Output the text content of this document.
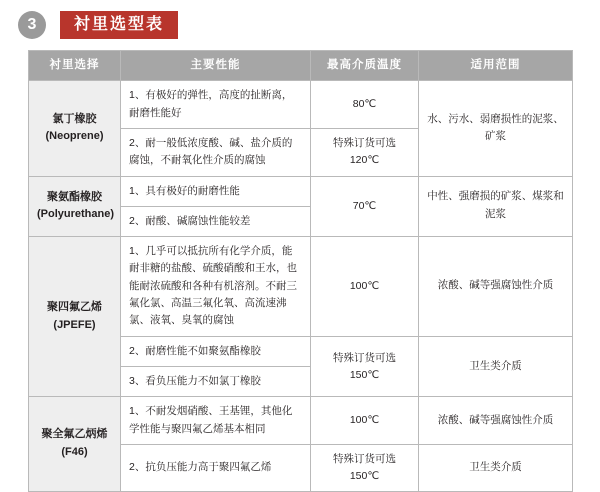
3	衬里选型表
衬里选择	主要性能	最高介质温度	适用范围
氯丁橡胶
(Neoprene)	1、有极好的弹性，高度的扯断离，耐磨性能好	80℃	水、污水、弱磨损性的泥浆、矿浆
	2、耐一般低浓度酸、碱、盐介质的腐蚀，不耐氧化性介质的腐蚀	特殊订货可选120℃	
聚氨酯橡胶
(Polyurethane)	1、具有极好的耐磨性能	70℃	中性、强磨损的矿浆、煤浆和泥浆
	2、耐酸、碱腐蚀性能较差		
聚四氟乙烯
(JPEFE)	1、几乎可以抵抗所有化学介质，能耐非糖的盐酸、硫酸硝酸和王水，也能耐浓硫酸和各种有机溶剂。不耐三氟化氯、高温三氟化氧、高流速沸氯、液氧、臭氧的腐蚀	100℃	浓酸、碱等强腐蚀性介质
	2、耐磨性能不如聚氨酯橡胶	特殊订货可选150℃	卫生类介质
	3、看负压能力不如氯丁橡胶		
聚全氟乙炳烯
(F46)	1、不耐发烟硝酸、王基锂，其他化学性能与聚四氟乙烯基本相同	100℃	浓酸、碱等强腐蚀性介质
	2、抗负压能力高于聚四氟乙烯	特殊订货可选150℃	卫生类介质
